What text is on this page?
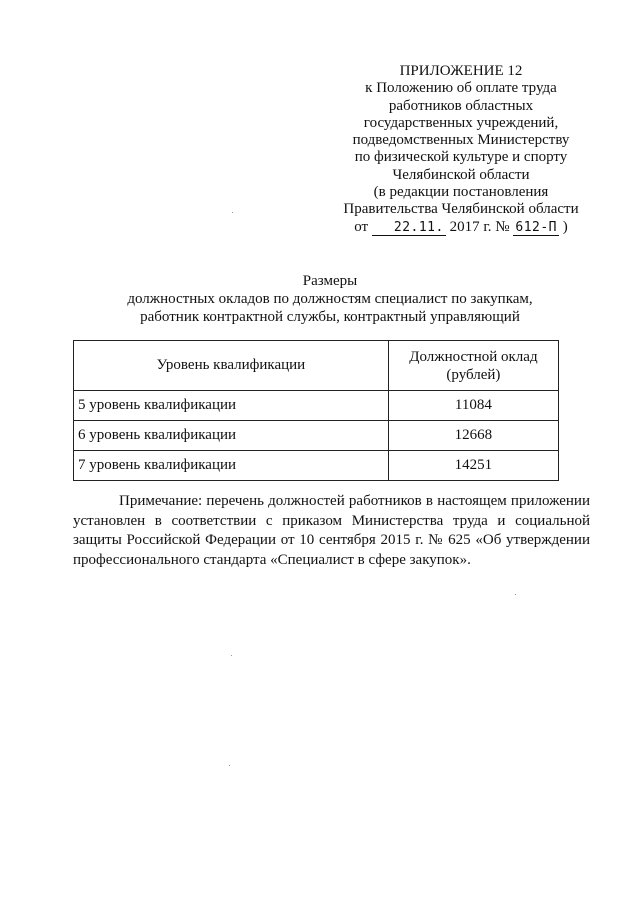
ПРИЛОЖЕНИЕ 12
к Положению об оплате труда
работников областных
государственных учреждений,
подведомственных Министерству
по физической культуре и спорту
Челябинской области
(в редакции постановления
Правительства Челябинской области
от 22.11. 2017 г. № 612-П )
Размеры
должностных окладов по должностям специалист по закупкам,
работник контрактной службы, контрактный управляющий
Уровень квалификации	Должностной оклад
(рублей)
5 уровень квалификации	11084
6 уровень квалификации	12668
7 уровень квалификации	14251

Примечание: перечень должностей работников в настоящем приложении установлен в соответствии с приказом Министерства труда и социальной защиты Российской Федерации от 10 сентября 2015 г. № 625 «Об утверждении профессионального стандарта «Специалист в сфере закупок».
